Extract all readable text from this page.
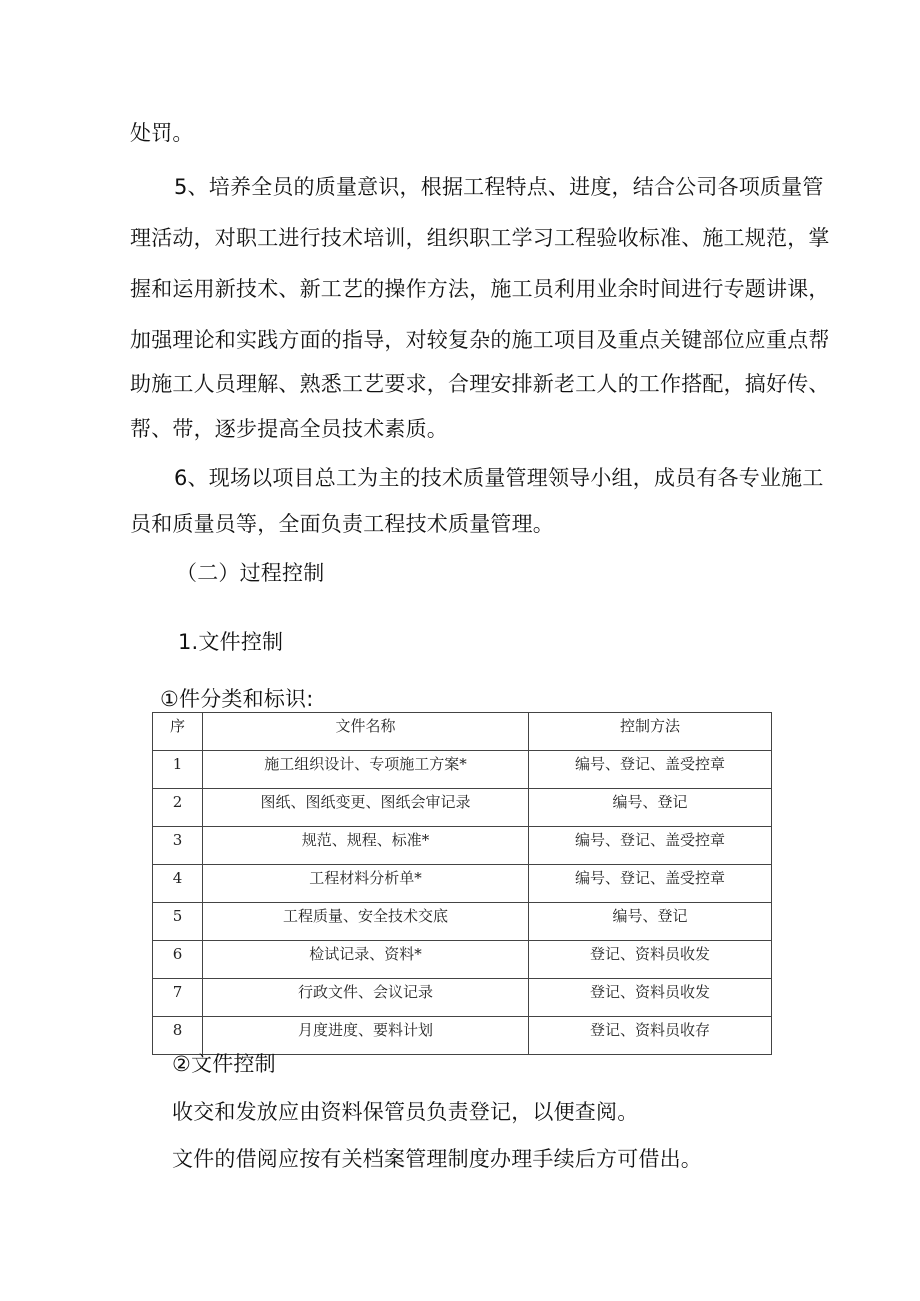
处罚。
5、培养全员的质量意识，根据工程特点、进度，结合公司各项质量管
理活动，对职工进行技术培训，组织职工学习工程验收标准、施工规范，掌
握和运用新技术、新工艺的操作方法，施工员利用业余时间进行专题讲课，
加强理论和实践方面的指导，对较复杂的施工项目及重点关键部位应重点帮
助施工人员理解、熟悉工艺要求，合理安排新老工人的工作搭配，搞好传、
帮、带，逐步提高全员技术素质。
6、现场以项目总工为主的技术质量管理领导小组，成员有各专业施工
员和质量员等，全面负责工程技术质量管理。
（二）过程控制
1.文件控制
①件分类和标识:
序	文件名称	控制方法
1	施工组织设计、专项施工方案*	编号、登记、盖受控章
2	图纸、图纸变更、图纸会审记录	编号、登记
3	规范、规程、标准*	编号、登记、盖受控章
4	工程材料分析单*	编号、登记、盖受控章
5	工程质量、安全技术交底	编号、登记
6	检试记录、资料*	登记、资料员收发
7	行政文件、会议记录	登记、资料员收发
8	月度进度、要料计划	登记、资料员收存
②文件控制
收交和发放应由资料保管员负责登记，以便查阅。
文件的借阅应按有关档案管理制度办理手续后方可借出。
